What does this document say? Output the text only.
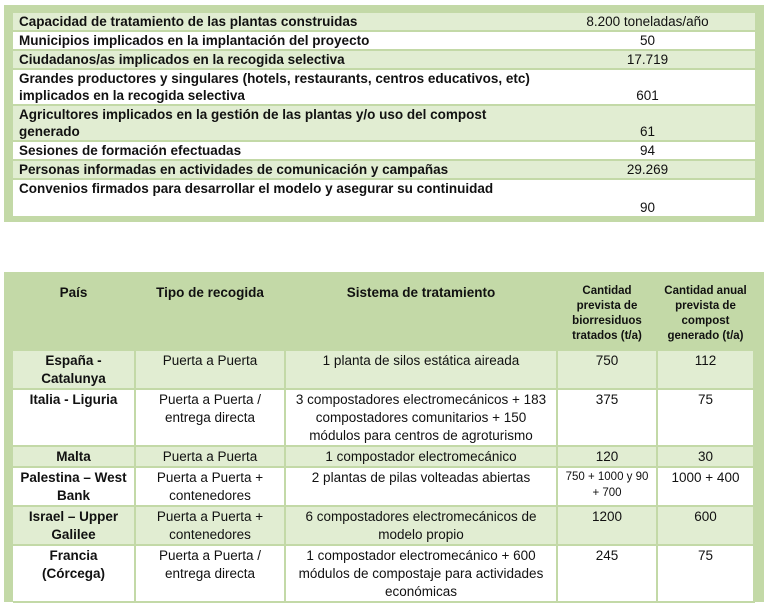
Capacidad de tratamiento de las plantas construidas	8.200 toneladas/año
Municipios implicados en la implantación del proyecto	50
Ciudadanos/as implicados en la recogida selectiva	17.719
Grandes productores y singulares (hotels, restaurants, centros educativos, etc) implicados en la recogida selectiva	601
Agricultores implicados en la gestión de las plantas y/o uso del compost generado	61
Sesiones de formación efectuadas	94
Personas informadas en actividades de comunicación y campañas	29.269
Convenios firmados para desarrollar el modelo y asegurar su continuidad	90
País	Tipo de recogida	Sistema de tratamiento	Cantidad prevista de biorresiduos tratados (t/a)	Cantidad anual prevista de compost generado (t/a)
España - Catalunya	Puerta a Puerta	1 planta de silos estática aireada	750	112
Italia - Liguria	Puerta a Puerta / entrega directa	3 compostadores electromecánicos + 183 compostadores comunitarios + 150 módulos para centros de agroturismo	375	75
Malta	Puerta a Puerta	1 compostador electromecánico	120	30
Palestina – West Bank	Puerta a Puerta + contenedores	2 plantas de pilas volteadas abiertas	750 + 1000 y 90 + 700	1000 + 400
Israel – Upper Galilee	Puerta a Puerta + contenedores	6 compostadores electromecánicos de modelo propio	1200	600
Francia (Córcega)	Puerta a Puerta / entrega directa	1 compostador electromecánico + 600 módulos de compostaje para actividades económicas	245	75
